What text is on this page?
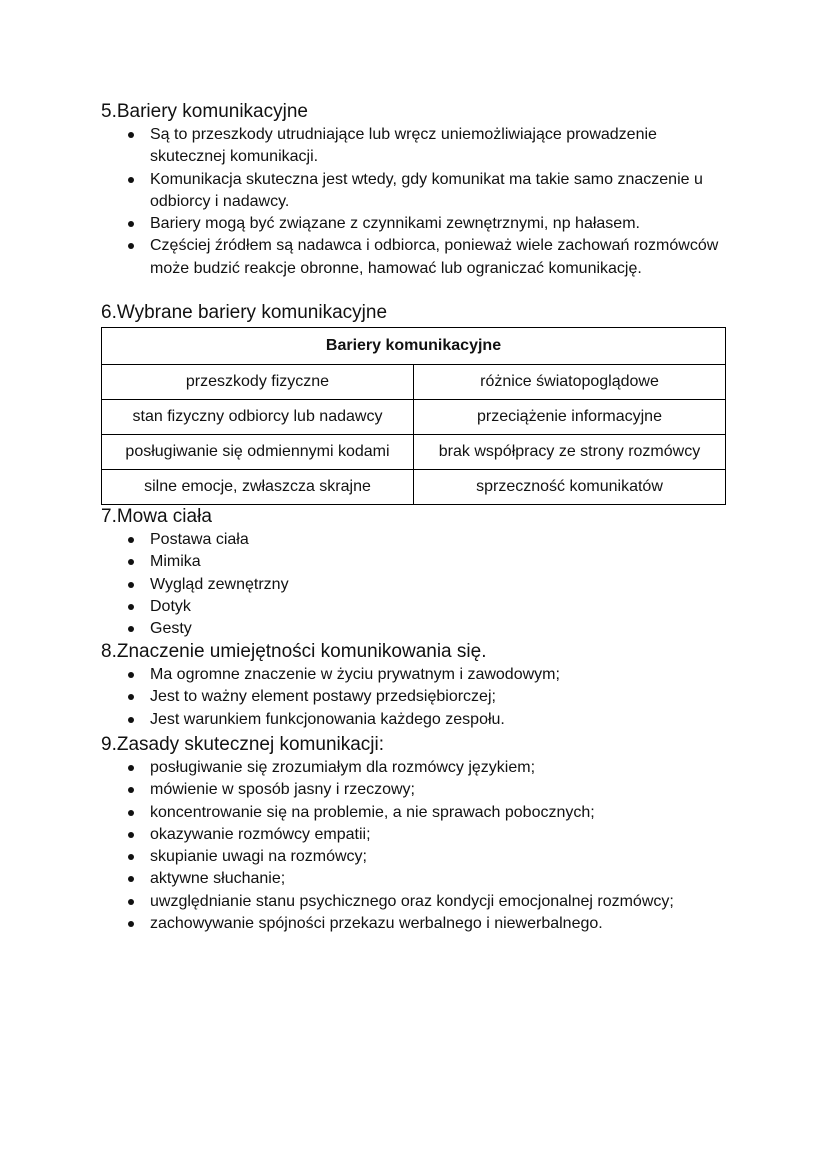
5.Bariery komunikacyjne
Są to przeszkody utrudniające lub wręcz uniemożliwiające prowadzenie skutecznej komunikacji.
Komunikacja skuteczna jest wtedy, gdy komunikat ma takie samo znaczenie u odbiorcy i nadawcy.
Bariery mogą być związane z czynnikami zewnętrznymi, np hałasem.
Częściej źródłem są nadawca i odbiorca, ponieważ wiele zachowań rozmówców może budzić reakcje obronne, hamować lub ograniczać komunikację.
6.Wybrane bariery komunikacyjne
Bariery komunikacyjne	
przeszkody fizyczne	różnice światopoglądowe
stan fizyczny odbiorcy lub nadawcy	przeciążenie informacyjne
posługiwanie się odmiennymi kodami	brak współpracy ze strony rozmówcy
silne emocje, zwłaszcza skrajne	sprzeczność komunikatów
7.Mowa ciała
Postawa ciała
Mimika
Wygląd zewnętrzny
Dotyk
Gesty
8.Znaczenie umiejętności komunikowania się.
Ma ogromne znaczenie w życiu prywatnym i zawodowym;
Jest to ważny element postawy przedsiębiorczej;
Jest warunkiem funkcjonowania każdego zespołu.
9.Zasady skutecznej komunikacji:
posługiwanie się zrozumiałym dla rozmówcy językiem;
mówienie w sposób jasny i rzeczowy;
koncentrowanie się na problemie, a nie sprawach pobocznych;
okazywanie rozmówcy empatii;
skupianie uwagi na rozmówcy;
aktywne słuchanie;
uwzględnianie stanu psychicznego oraz kondycji emocjonalnej rozmówcy;
zachowywanie spójności przekazu werbalnego i niewerbalnego.
